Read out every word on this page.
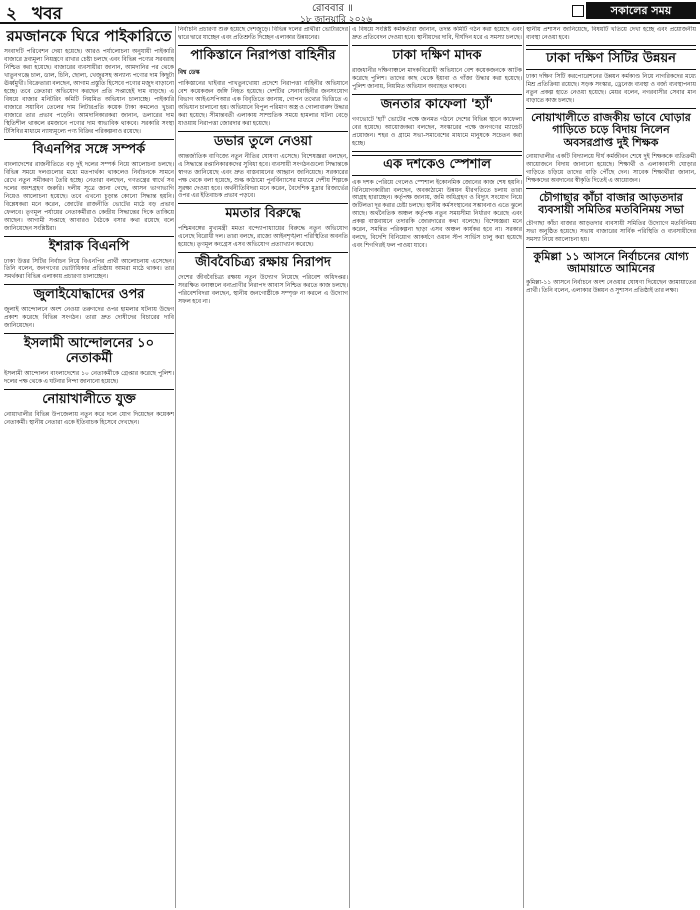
২ খবর	রোববার ॥
১৮ জানুয়ারি ২০২৬
সকালের সময়
রমজানকে ঘিরে পাইকারিতে
সংবাদটি পরিবেশন দেয়া হয়েছে। আরও পর্যালোচনা অনুযায়ী পাইকারি বাজারে দ্রব্যমূল্য নিয়ন্ত্রণে রাখার চেষ্টা চলছে এবং বিভিন্ন পণ্যের সরবরাহ নিশ্চিত করা হয়েছে। বাজারের ব্যবসায়ীরা জানান, আমদানির পর থেকে খাতুনগঞ্জে চাল, ডাল, চিনি, ছোলা, খেজুরসহ অন্যান্য পণ্যের দাম কিছুটা ঊর্ধ্বমুখী। বিক্রেতারা বলছেন, আগাম প্রস্তুতি হিসেবে পণ্যের মজুদ বাড়ানো হচ্ছে। তবে ক্রেতারা অভিযোগ করছেন প্রতি সপ্তাহেই দাম বাড়ছে। এ বিষয়ে বাজার মনিটরিং কমিটি নিয়মিত অভিযান চালাচ্ছে। পাইকারি বাজারে সয়াবিন তেলের দাম লিটারপ্রতি কয়েক টাকা কমলেও খুচরা বাজারে তার প্রভাব পড়েনি। আমদানিকারকরা জানান, ডলারের দাম স্থিতিশীল থাকলে রমজানে পণ্যের দাম স্বাভাবিক থাকবে। সরকারি সংস্থা টিসিবির মাধ্যমে ন্যায্যমূল্যে পণ্য বিক্রির পরিকল্পনাও রয়েছে।
বিএনপির সঙ্গে সম্পর্ক
বাংলাদেশের রাজনীতিতে বড় দুই দলের সম্পর্ক নিয়ে আলোচনা চলছে। বিভিন্ন সময়ে দলগুলোর মধ্যে মতপার্থক্য থাকলেও নির্বাচনকে সামনে রেখে নতুন সমীকরণ তৈরি হচ্ছে। নেতারা বলছেন, গণতন্ত্রের স্বার্থে সব দলের অংশগ্রহণ জরুরি। দলীয় সূত্রে জানা গেছে, আসন ভাগাভাগি নিয়েও আলোচনা হয়েছে। তবে এখনো চূড়ান্ত কোনো সিদ্ধান্ত হয়নি। বিশ্লেষকরা মনে করেন, জোটের রাজনীতি ভোটের মাঠে বড় প্রভাব ফেলবে। তৃণমূল পর্যায়ের নেতাকর্মীরাও কেন্দ্রীয় সিদ্ধান্তের দিকে তাকিয়ে আছেন। আগামী সপ্তাহে আবারও বৈঠকে বসার কথা রয়েছে বলে জানিয়েছেন সংশ্লিষ্টরা।
ইশরাক বিএনপি
ঢাকা উত্তর সিটির নির্বাচন নিয়ে বিএনপির প্রার্থী আলোচনায় এসেছেন। তিনি বলেন, জনগণের ভোটাধিকার প্রতিষ্ঠায় আমরা মাঠে থাকব। তার সমর্থকরা বিভিন্ন এলাকায় প্রচারণা চালাচ্ছেন।
জুলাইযোদ্ধাদের ওপর
জুলাই আন্দোলনে অংশ নেওয়া তরুণদের ওপর হামলার ঘটনায় উদ্বেগ প্রকাশ করেছে বিভিন্ন সংগঠন। তারা দ্রুত দোষীদের বিচারের দাবি জানিয়েছেন।
ইসলামী আন্দোলনের ১০ নেতাকর্মী
ইসলামী আন্দোলন বাংলাদেশের ১০ নেতাকর্মীকে গ্রেপ্তার করেছে পুলিশ। দলের পক্ষ থেকে এ ঘটনার নিন্দা জানানো হয়েছে।
নোয়াখালীতে যুক্ত
নোয়াখালীর বিভিন্ন উপজেলায় নতুন করে দলে যোগ দিয়েছেন কয়েকশ নেতাকর্মী। স্থানীয় নেতারা একে ইতিবাচক হিসেবে দেখছেন।
নির্বাচনি প্রচারণা শুরু হয়েছে দেশজুড়ে। বিভিন্ন দলের প্রার্থীরা ভোটারদের দ্বারে দ্বারে যাচ্ছেন এবং প্রতিশ্রুতি দিচ্ছেন এলাকার উন্নয়নের।
পাকিস্তানে নিরাপত্তা বাহিনীর
বিশ্ব ডেস্ক
পাকিস্তানের খাইবার পাখতুনখোয়া প্রদেশে নিরাপত্তা বাহিনীর অভিযানে বেশ কয়েকজন জঙ্গি নিহত হয়েছে। দেশটির সেনাবাহিনীর জনসংযোগ বিভাগ আইএসপিআর এক বিবৃতিতে জানায়, গোপন তথ্যের ভিত্তিতে এ অভিযান চালানো হয়। অভিযানে বিপুল পরিমাণ অস্ত্র ও গোলাবারুদ উদ্ধার করা হয়েছে। সীমান্তবর্তী এলাকায় সাম্প্রতিক সময়ে হামলার ঘটনা বেড়ে যাওয়ায় নিরাপত্তা জোরদার করা হয়েছে।
ডভার তুলে নেওয়া
আন্তর্জাতিক বাণিজ্যে নতুন নীতির ঘোষণা এসেছে। বিশেষজ্ঞরা বলছেন, এ সিদ্ধান্তে রপ্তানিকারকদের সুবিধা হবে। ব্যবসায়ী সংগঠনগুলো সিদ্ধান্তকে স্বাগত জানিয়েছে এবং দ্রুত বাস্তবায়নের আহ্বান জানিয়েছে। সরকারের পক্ষ থেকে বলা হয়েছে, শুল্ক কাঠামো পুনর্বিন্যাসের মাধ্যমে দেশীয় শিল্পকে সুরক্ষা দেওয়া হবে। অর্থনীতিবিদরা মনে করেন, বৈদেশিক মুদ্রার রিজার্ভের ওপর এর ইতিবাচক প্রভাব পড়বে।
মমতার বিরুদ্ধে
পশ্চিমবঙ্গের মুখ্যমন্ত্রী মমতা বন্দ্যোপাধ্যায়ের বিরুদ্ধে নতুন অভিযোগ এনেছে বিরোধী দল। তারা বলছে, রাজ্যে আইনশৃঙ্খলা পরিস্থিতির অবনতি হয়েছে। তৃণমূল কংগ্রেস এসব অভিযোগ প্রত্যাখ্যান করেছে।
জীববৈচিত্র্য রক্ষায় নিরাপদ
দেশের জীববৈচিত্র্য রক্ষায় নতুন উদ্যোগ নিয়েছে পরিবেশ অধিদপ্তর। সংরক্ষিত বনাঞ্চলে বন্যপ্রাণীর নিরাপদ আবাস নিশ্চিত করতে কাজ চলছে। পরিবেশবিদরা বলছেন, স্থানীয় জনগোষ্ঠীকে সম্পৃক্ত না করলে এ উদ্যোগ সফল হবে না।
এ বিষয়ে সংশ্লিষ্ট কর্মকর্তারা জানান, তদন্ত কমিটি গঠন করা হয়েছে এবং দ্রুত প্রতিবেদন দেওয়া হবে। স্থানীয়দের দাবি, দীর্ঘদিন ধরে এ সমস্যা চলছে।
ঢাকা দক্ষিণ মাদক
রাজধানীর দক্ষিণাঞ্চলে মাদকবিরোধী অভিযানে বেশ কয়েকজনকে আটক করেছে পুলিশ। তাদের কাছ থেকে ইয়াবা ও গাঁজা উদ্ধার করা হয়েছে। পুলিশ জানায়, নিয়মিত অভিযান অব্যাহত থাকবে।
জনতার কাফেলা 'হ্যাঁ'
গণভোটে 'হ্যাঁ' ভোটের পক্ষে জনমত গঠনে দেশের বিভিন্ন স্থানে কাফেলা বের হয়েছে। আয়োজকরা বলছেন, সংস্কারের পক্ষে জনগণের ম্যান্ডেট প্রয়োজন। শহর ও গ্রামে সভা-সমাবেশের মাধ্যমে মানুষকে সচেতন করা হচ্ছে।
এক দশকেও স্পেশাল
এক দশক পেরিয়ে গেলেও স্পেশাল ইকোনমিক জোনের কাজ শেষ হয়নি। বিনিয়োগকারীরা বলছেন, অবকাঠামো উন্নয়ন ধীরগতিতে চলায় তারা আগ্রহ হারাচ্ছেন। কর্তৃপক্ষ জানায়, জমি অধিগ্রহণ ও বিদ্যুৎ সংযোগ নিয়ে জটিলতা দূর করার চেষ্টা চলছে। স্থানীয় কর্মসংস্থানের সম্ভাবনাও এতে ঝুলে আছে। অর্থনৈতিক অঞ্চল কর্তৃপক্ষ নতুন সময়সীমা নির্ধারণ করেছে এবং প্রকল্প বাস্তবায়নে তদারকি জোরদারের কথা বলেছে। বিশেষজ্ঞরা মনে করেন, সমন্বিত পরিকল্পনা ছাড়া এসব অঞ্চল কার্যকর হবে না। সরকার বলছে, বিদেশি বিনিয়োগ আকর্ষণে ওয়ান স্টপ সার্ভিস চালু করা হয়েছে এবং শিগগিরই ফল পাওয়া যাবে।
স্থানীয় প্রশাসন জানিয়েছে, বিষয়টি খতিয়ে দেখা হচ্ছে এবং প্রয়োজনীয় ব্যবস্থা নেওয়া হবে।
ঢাকা দক্ষিণ সিটির উন্নয়ন
ঢাকা দক্ষিণ সিটি করপোরেশনের উন্নয়ন কর্মকাণ্ড নিয়ে নাগরিকদের মধ্যে মিশ্র প্রতিক্রিয়া রয়েছে। সড়ক সংস্কার, ড্রেনেজ ব্যবস্থা ও বর্জ্য ব্যবস্থাপনায় নতুন প্রকল্প হাতে নেওয়া হয়েছে। মেয়র বলেন, নগরবাসীর সেবার মান বাড়াতে কাজ চলছে।
নোয়াখালীতে রাজকীয় ভাবে ঘোড়ার গাড়িতে চড়ে বিদায় নিলেন অবসরপ্রাপ্ত দুই শিক্ষক
নোয়াখালীর একটি বিদ্যালয়ে দীর্ঘ কর্মজীবন শেষে দুই শিক্ষককে ব্যতিক্রমী আয়োজনে বিদায় জানানো হয়েছে। শিক্ষার্থী ও এলাকাবাসী ঘোড়ার গাড়িতে চড়িয়ে তাদের বাড়ি পৌঁছে দেন। সাবেক শিক্ষার্থীরা জানান, শিক্ষকদের অবদানের স্বীকৃতি দিতেই এ আয়োজন।
চৌগাছার কাঁচা বাজার আড়তদার ব্যবসায়ী সমিতির মতবিনিময় সভা
চৌগাছা কাঁচা বাজার আড়তদার ব্যবসায়ী সমিতির উদ্যোগে মতবিনিময় সভা অনুষ্ঠিত হয়েছে। সভায় বাজারের সার্বিক পরিস্থিতি ও ব্যবসায়ীদের সমস্যা নিয়ে আলোচনা হয়।
কুমিল্লা ১১ আসনে নির্বাচনের যোগ্য জামায়াতে আমিনের
কুমিল্লা-১১ আসনে নির্বাচনে অংশ নেওয়ার ঘোষণা দিয়েছেন জামায়াতের প্রার্থী। তিনি বলেন, এলাকার উন্নয়ন ও সুশাসন প্রতিষ্ঠাই তার লক্ষ্য।
